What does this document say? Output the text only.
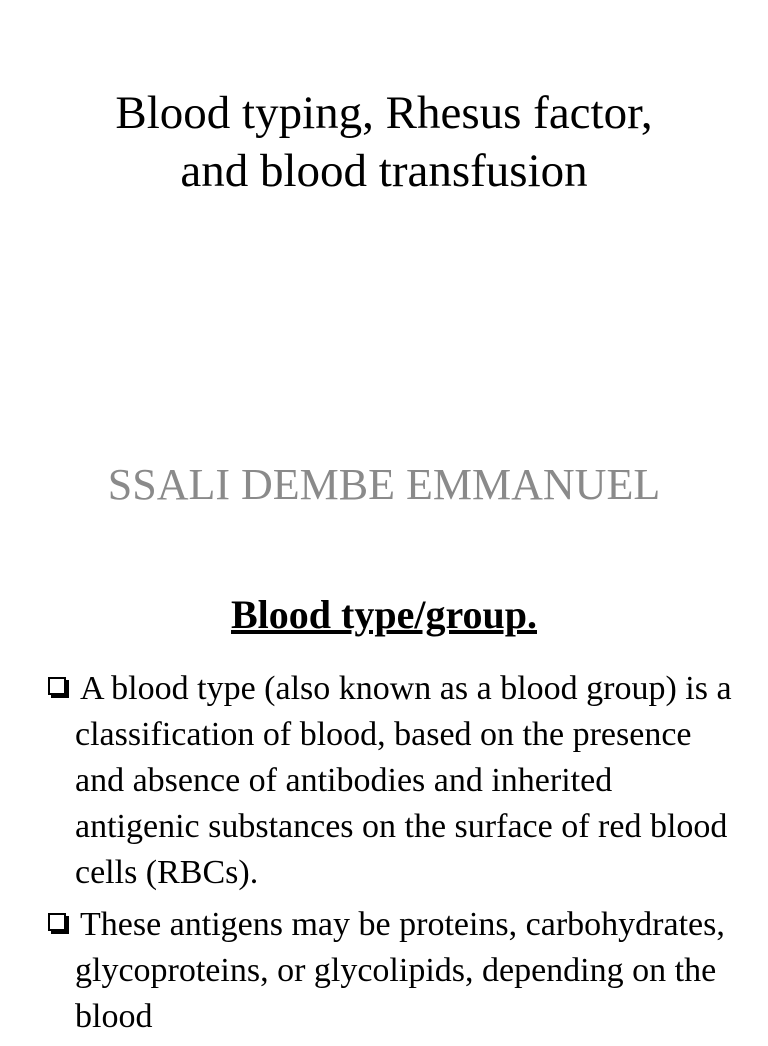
Blood typing, Rhesus factor,
and blood transfusion

SSALI DEMBE EMMANUEL

Blood type/group.
A blood type (also known as a blood group) is a classification of blood, based on the presence and absence of antibodies and inherited antigenic substances on the surface of red blood cells (RBCs).
These antigens may be proteins, carbohydrates, glycoproteins, or glycolipids, depending on the blood
